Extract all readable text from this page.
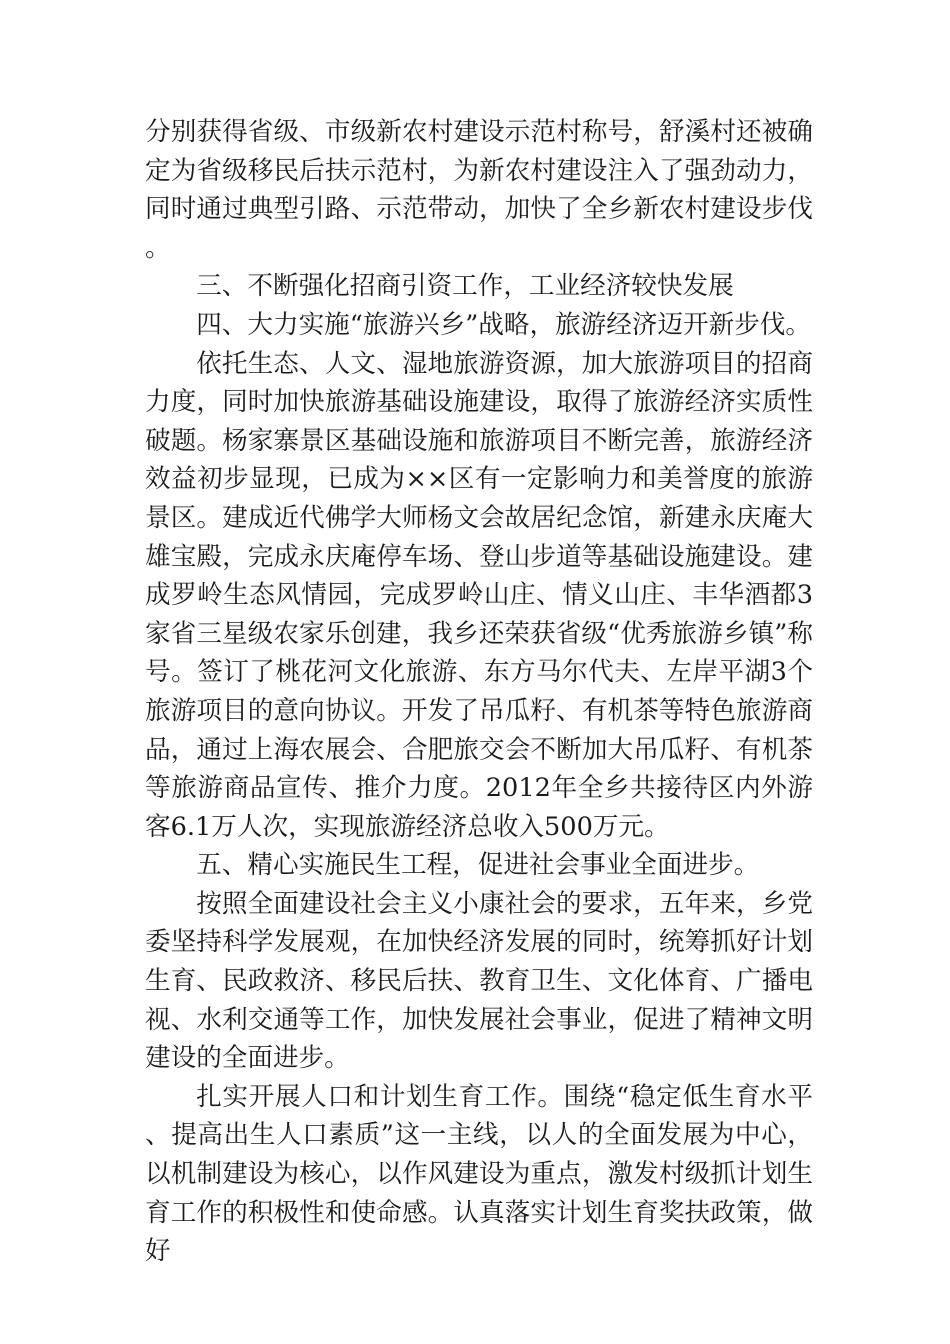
分别获得省级、市级新农村建设示范村称号，舒溪村还被确定为省级移民后扶示范村，为新农村建设注入了强劲动力，同时通过典型引路、示范带动，加快了全乡新农村建设步伐。

三、不断强化招商引资工作，工业经济较快发展

四、大力实施“旅游兴乡”战略，旅游经济迈开新步伐。

依托生态、人文、湿地旅游资源，加大旅游项目的招商力度，同时加快旅游基础设施建设，取得了旅游经济实质性破题。杨家寨景区基础设施和旅游项目不断完善，旅游经济效益初步显现，已成为××区有一定影响力和美誉度的旅游景区。建成近代佛学大师杨文会故居纪念馆，新建永庆庵大雄宝殿，完成永庆庵停车场、登山步道等基础设施建设。建成罗岭生态风情园，完成罗岭山庄、情义山庄、丰华酒都3家省三星级农家乐创建，我乡还荣获省级“优秀旅游乡镇”称号。签订了桃花河文化旅游、东方马尔代夫、左岸平湖3个旅游项目的意向协议。开发了吊瓜籽、有机茶等特色旅游商品，通过上海农展会、合肥旅交会不断加大吊瓜籽、有机茶等旅游商品宣传、推介力度。2012年全乡共接待区内外游客6.1万人次，实现旅游经济总收入500万元。

五、精心实施民生工程，促进社会事业全面进步。

按照全面建设社会主义小康社会的要求，五年来，乡党委坚持科学发展观，在加快经济发展的同时，统筹抓好计划生育、民政救济、移民后扶、教育卫生、文化体育、广播电视、水利交通等工作，加快发展社会事业，促进了精神文明建设的全面进步。

扎实开展人口和计划生育工作。围绕“稳定低生育水平、提高出生人口素质”这一主线，以人的全面发展为中心，以机制建设为核心，以作风建设为重点，激发村级抓计划生育工作的积极性和使命感。认真落实计划生育奖扶政策，做好
